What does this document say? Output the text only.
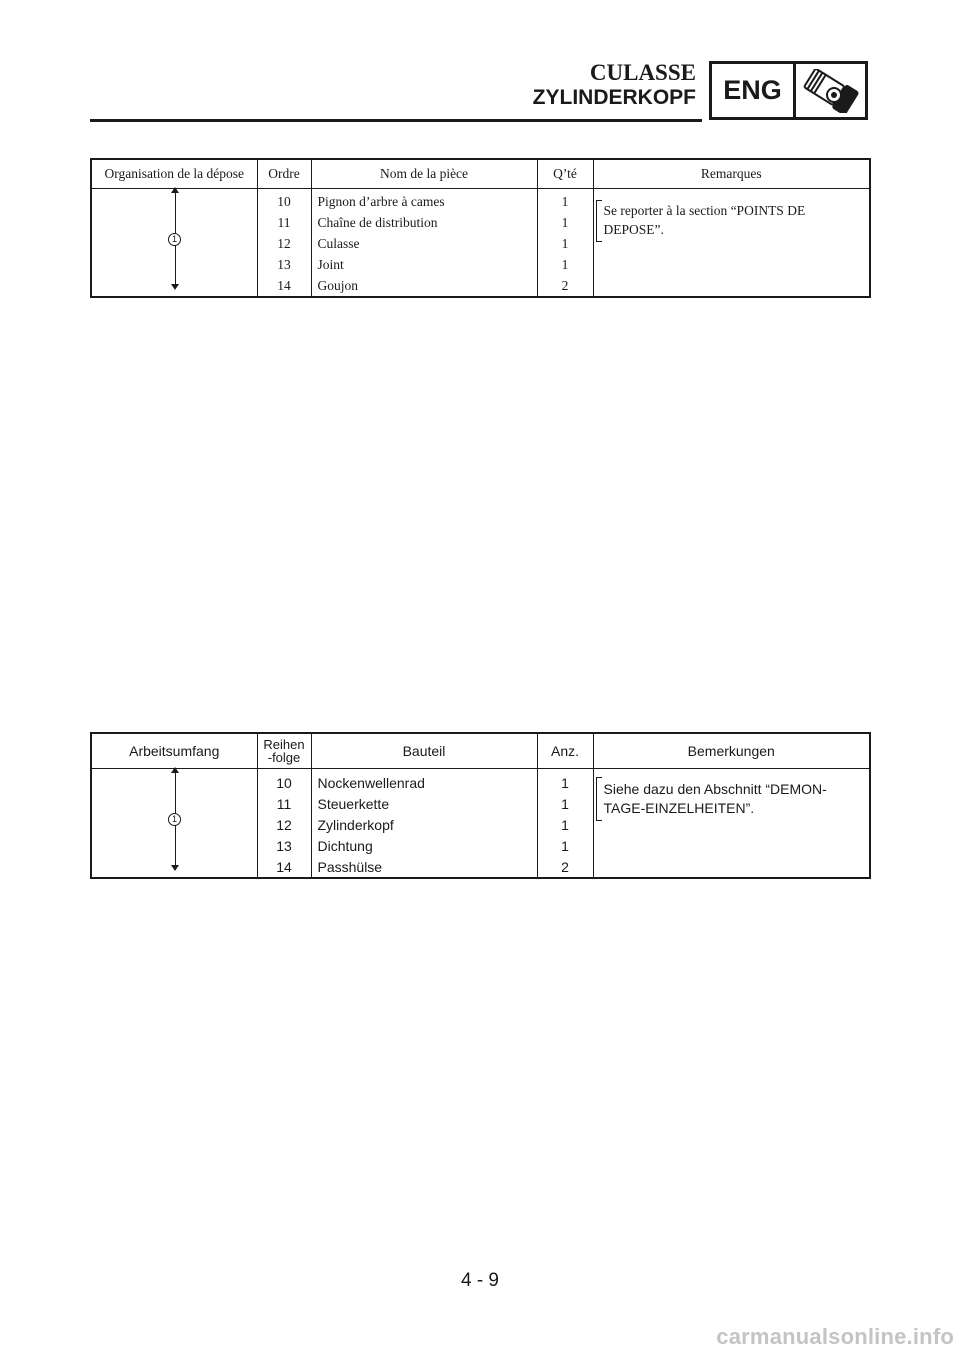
CULASSE
ZYLINDERKOPF	ENG
Organisation de la dépose	Ordre	Nom de la pièce	Q’té	Remarques

1	10	Pignon d’arbre à cames	1	Se reporter à la section “POINTS DE DEPOSE”.

	11	Chaîne de distribution	1	
	12	Culasse	1	
	13	Joint	1	
	14	Goujon	2	
Arbeitsumfang	Reihen-folge	Bauteil	Anz.	Bemerkungen

1	10	Nockenwellenrad	1	Siehe dazu den Abschnitt “DEMON-TAGE-EINZELHEITEN”.

	11	Steuerkette	1	
	12	Zylinderkopf	1	
	13	Dichtung	1	
	14	Passhülse	2	
4 - 9
carmanualsonline.info
